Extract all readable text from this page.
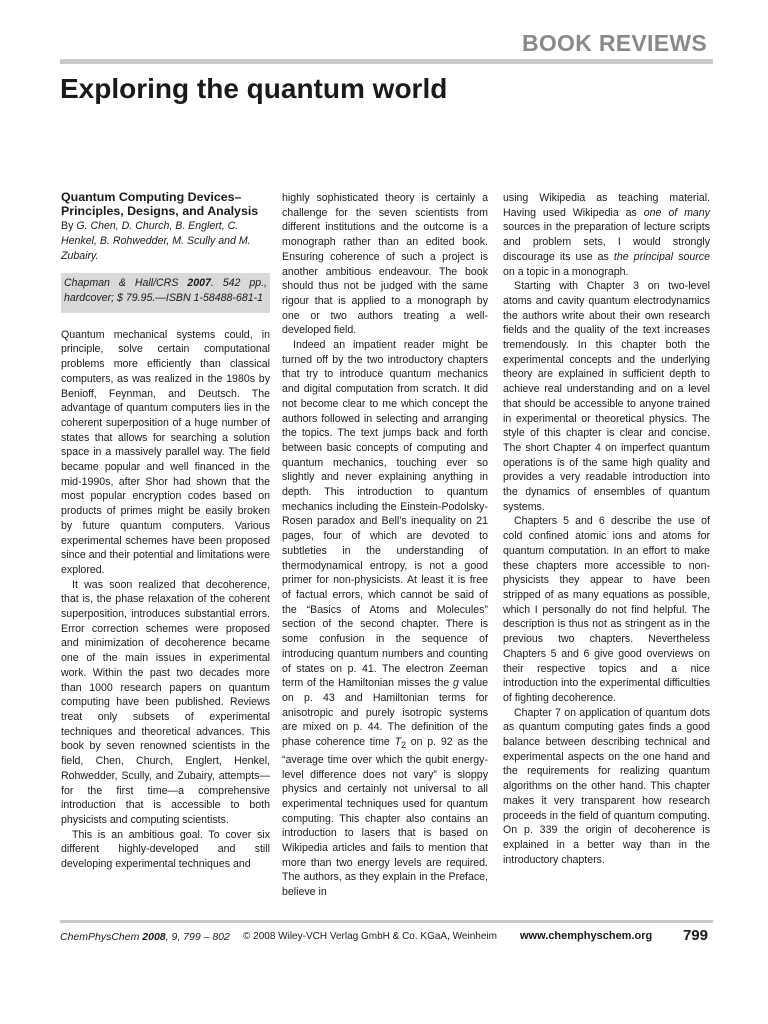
BOOK REVIEWS
Exploring the quantum world
Quantum Computing Devices–Principles, Designs, and Analysis

By G. Chen, D. Church, B. Englert, C. Henkel, B. Rohwedder, M. Scully and M. Zubairy.

Chapman & Hall/CRS 2007. 542 pp., hardcover; $ 79.95.—ISBN 1-58488-681-1

Quantum mechanical systems could, in principle, solve certain computational problems more efficiently than classical computers, as was realized in the 1980s by Benioff, Feynman, and Deutsch. The advantage of quantum computers lies in the coherent superposition of a huge number of states that allows for searching a solution space in a massively parallel way. The field became popular and well financed in the mid-1990s, after Shor had shown that the most popular encryption codes based on products of primes might be easily broken by future quantum computers. Various experimental schemes have been proposed since and their potential and limitations were explored.

It was soon realized that decoherence, that is, the phase relaxation of the coherent superposition, introduces substantial errors. Error correction schemes were proposed and minimization of decoherence became one of the main issues in experimental work. Within the past two decades more than 1000 research papers on quantum computing have been published. Reviews treat only subsets of experimental techniques and theoretical advances. This book by seven renowned scientists in the field, Chen, Church, Englert, Henkel, Rohwedder, Scully, and Zubairy, attempts—for the first time—a comprehensive introduction that is accessible to both physicists and computing scientists.

This is an ambitious goal. To cover six different highly-developed and still developing experimental techniques and

highly sophisticated theory is certainly a challenge for the seven scientists from different institutions and the outcome is a monograph rather than an edited book. Ensuring coherence of such a project is another ambitious endeavour. The book should thus not be judged with the same rigour that is applied to a monograph by one or two authors treating a well-developed field.

Indeed an impatient reader might be turned off by the two introductory chapters that try to introduce quantum mechanics and digital computation from scratch. It did not become clear to me which concept the authors followed in selecting and arranging the topics. The text jumps back and forth between basic concepts of computing and quantum mechanics, touching ever so slightly and never explaining anything in depth. This introduction to quantum mechanics including the Einstein-Podolsky-Rosen paradox and Bell’s inequality on 21 pages, four of which are devoted to subtleties in the understanding of thermodynamical entropy, is not a good primer for non-physicists. At least it is free of factual errors, which cannot be said of the “Basics of Atoms and Molecules” section of the second chapter. There is some confusion in the sequence of introducing quantum numbers and counting of states on p. 41. The electron Zeeman term of the Hamiltonian misses the g value on p. 43 and Hamiltonian terms for anisotropic and purely isotropic systems are mixed on p. 44. The definition of the phase coherence time $T_2$ on p. 92 as the “average time over which the qubit energy-level difference does not vary” is sloppy physics and certainly not universal to all experimental techniques used for quantum computing. This chapter also contains an introduction to lasers that is based on Wikipedia articles and fails to mention that more than two energy levels are required. The authors, as they explain in the Preface, believe in

using Wikipedia as teaching material. Having used Wikipedia as one of many sources in the preparation of lecture scripts and problem sets, I would strongly discourage its use as the principal source on a topic in a monograph.

Starting with Chapter 3 on two-level atoms and cavity quantum electrodynamics the authors write about their own research fields and the quality of the text increases tremendously. In this chapter both the experimental concepts and the underlying theory are explained in sufficient depth to achieve real understanding and on a level that should be accessible to anyone trained in experimental or theoretical physics. The style of this chapter is clear and concise. The short Chapter 4 on imperfect quantum operations is of the same high quality and provides a very readable introduction into the dynamics of ensembles of quantum systems.

Chapters 5 and 6 describe the use of cold confined atomic ions and atoms for quantum computation. In an effort to make these chapters more accessible to non-physicists they appear to have been stripped of as many equations as possible, which I personally do not find helpful. The description is thus not as stringent as in the previous two chapters. Nevertheless Chapters 5 and 6 give good overviews on their respective topics and a nice introduction into the experimental difficulties of fighting decoherence.

Chapter 7 on application of quantum dots as quantum computing gates finds a good balance between describing technical and experimental aspects on the one hand and the requirements for realizing quantum algorithms on the other hand. This chapter makes it very transparent how research proceeds in the field of quantum computing. On p. 339 the origin of decoherence is explained in a better way than in the introductory chapters.

ChemPhysChem 2008, 9, 799 – 802 © 2008 Wiley-VCH Verlag GmbH & Co. KGaA, Weinheim www.chemphyschem.org 799
